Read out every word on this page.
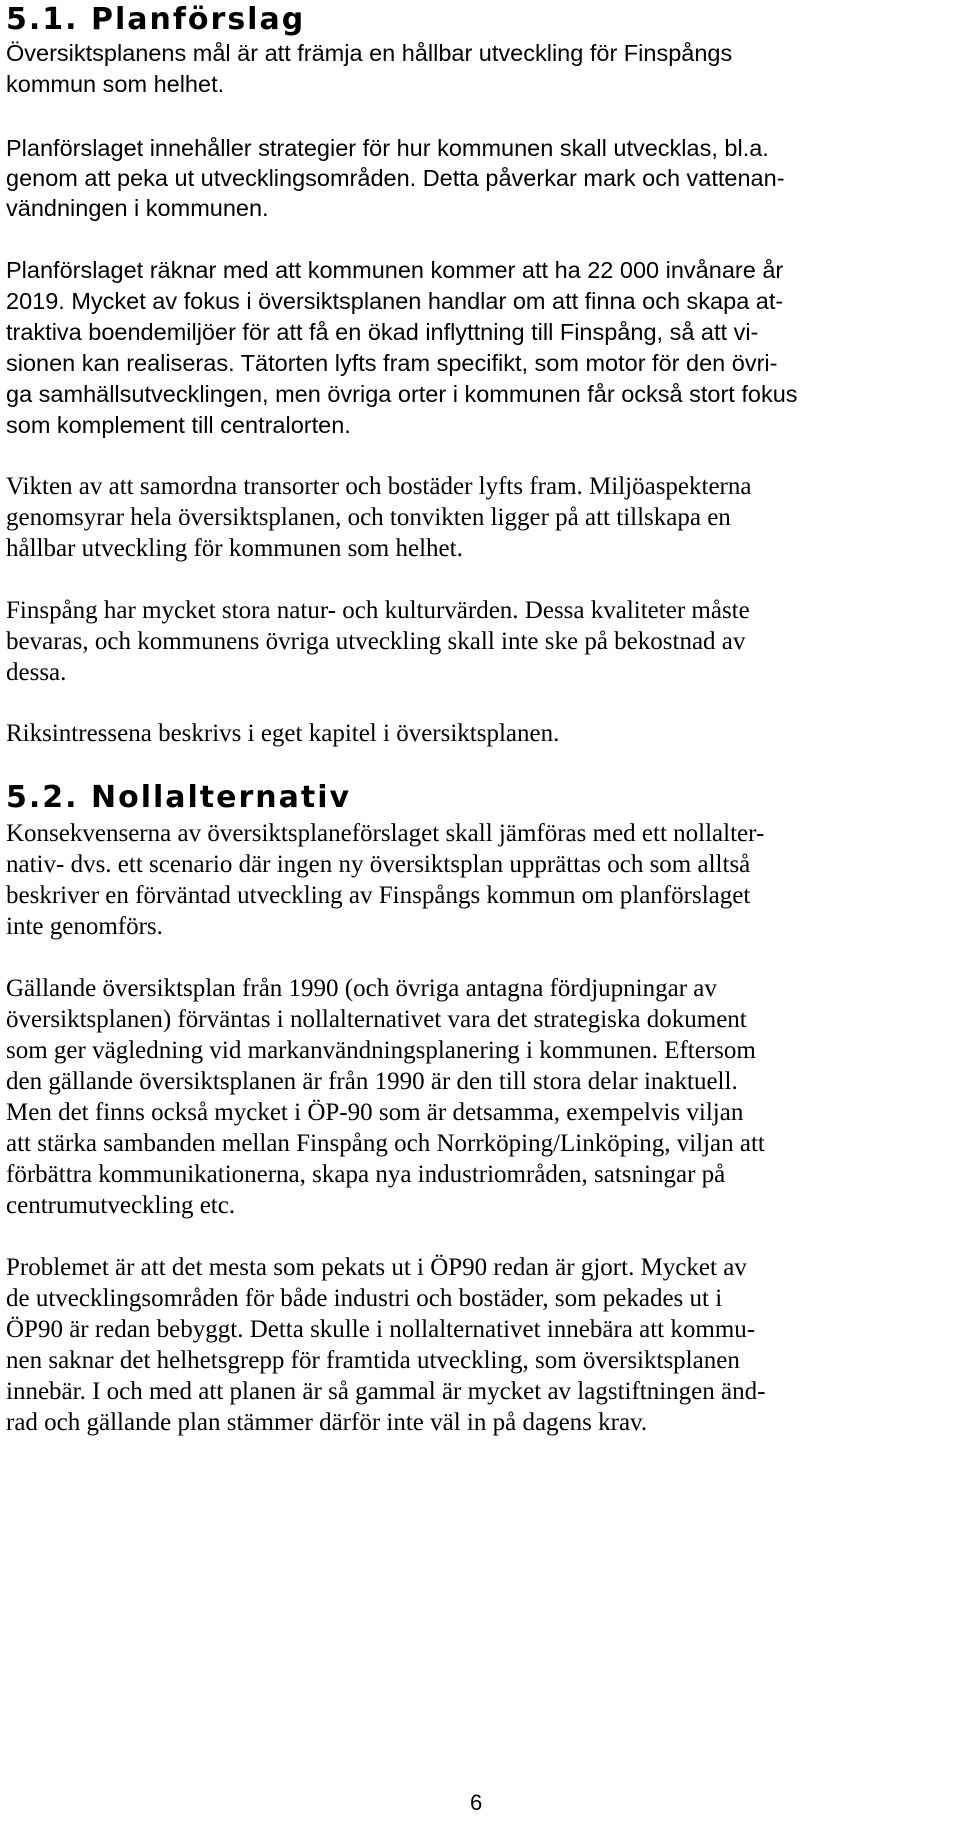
5.1. Planförslag

Översiktsplanens mål är att främja en hållbar utveckling för Finspångs

kommun som helhet.

Planförslaget innehåller strategier för hur kommunen skall utvecklas, bl.a.

genom att peka ut utvecklingsområden. Detta påverkar mark och vattenan-

vändningen i kommunen.

Planförslaget räknar med att kommunen kommer att ha 22 000 invånare år

2019. Mycket av fokus i översiktsplanen handlar om att finna och skapa at-

traktiva boendemiljöer för att få en ökad inflyttning till Finspång, så att vi-

sionen kan realiseras. Tätorten lyfts fram specifikt, som motor för den övri-

ga samhällsutvecklingen, men övriga orter i kommunen får också stort fokus

som komplement till centralorten.

Vikten av att samordna transorter och bostäder lyfts fram. Miljöaspekterna

genomsyrar hela översiktsplanen, och tonvikten ligger på att tillskapa en

hållbar utveckling för kommunen som helhet.

Finspång har mycket stora natur- och kulturvärden. Dessa kvaliteter måste

bevaras, och kommunens övriga utveckling skall inte ske på bekostnad av

dessa.

Riksintressena beskrivs i eget kapitel i översiktsplanen.

5.2. Nollalternativ

Konsekvenserna av översiktsplaneförslaget skall jämföras med ett nollalter-

nativ- dvs. ett scenario där ingen ny översiktsplan upprättas och som alltså

beskriver en förväntad utveckling av Finspångs kommun om planförslaget

inte genomförs.

Gällande översiktsplan från 1990 (och övriga antagna fördjupningar av

översiktsplanen) förväntas i nollalternativet vara det strategiska dokument

som ger vägledning vid markanvändningsplanering i kommunen. Eftersom

den gällande översiktsplanen är från 1990 är den till stora delar inaktuell.

Men det finns också mycket i ÖP-90 som är detsamma, exempelvis viljan

att stärka sambanden mellan Finspång och Norrköping/Linköping, viljan att

förbättra kommunikationerna, skapa nya industriområden, satsningar på

centrumutveckling etc.

Problemet är att det mesta som pekats ut i ÖP90 redan är gjort. Mycket av

de utvecklingsområden för både industri och bostäder, som pekades ut i

ÖP90 är redan bebyggt. Detta skulle i nollalternativet innebära att kommu-

nen saknar det helhetsgrepp för framtida utveckling, som översiktsplanen

innebär. I och med att planen är så gammal är mycket av lagstiftningen änd-

rad och gällande plan stämmer därför inte väl in på dagens krav.

6
